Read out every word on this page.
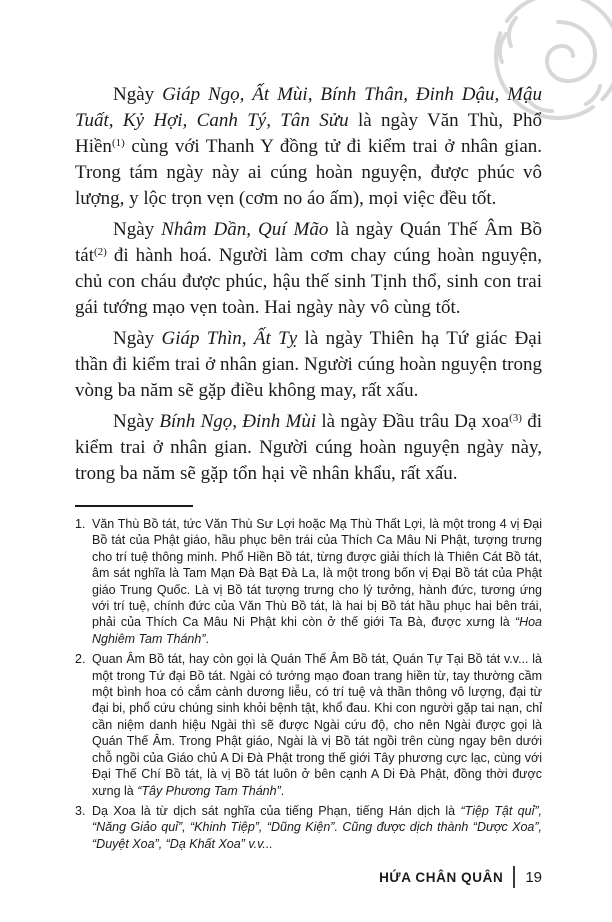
Ngày Giáp Ngọ, Ất Mùi, Bính Thân, Đinh Dậu, Mậu Tuất, Kỷ Hợi, Canh Tý, Tân Sửu là ngày Văn Thù, Phổ Hiền$^{(1)}$ cùng với Thanh Y đồng tử đi kiểm trai ở nhân gian. Trong tám ngày này ai cúng hoàn nguyện, được phúc vô lượng, y lộc trọn vẹn (cơm no áo ấm), mọi việc đều tốt.

Ngày Nhâm Dần, Quí Mão là ngày Quán Thế Âm Bồ tát$^{(2)}$ đi hành hoá. Người làm cơm chay cúng hoàn nguyện, chủ con cháu được phúc, hậu thế sinh Tịnh thổ, sinh con trai gái tướng mạo vẹn toàn. Hai ngày này vô cùng tốt.

Ngày Giáp Thìn, Ất Tỵ là ngày Thiên hạ Tứ giác Đại thần đi kiểm trai ở nhân gian. Người cúng hoàn nguyện trong vòng ba năm sẽ gặp điều không may, rất xấu.

Ngày Bính Ngọ, Đinh Mùi là ngày Đầu trâu Dạ xoa$^{(3)}$ đi kiểm trai ở nhân gian. Người cúng hoàn nguyện ngày này, trong ba năm sẽ gặp tổn hại về nhân khẩu, rất xấu.

1. Văn Thù Bồ tát, tức Văn Thù Sư Lợi hoặc Mạ Thù Thất Lợi, là một trong 4 vị Đại Bồ tát của Phật giáo, hầu phục bên trái của Thích Ca Mâu Ni Phật, tượng trưng cho trí tuệ thông minh. Phổ Hiền Bồ tát, từng được giải thích là Thiên Cát Bồ tát, âm sát nghĩa là Tam Mạn Đà Bạt Đà La, là một trong bốn vị Đại Bồ tát của Phật giáo Trung Quốc. Là vị Bồ tát tượng trưng cho lý tưởng, hành đức, tương ứng với trí tuệ, chính đức của Văn Thù Bồ tát, là hai bị Bồ tát hầu phục hai bên trái, phải của Thích Ca Mâu Ni Phật khi còn ở thế giới Ta Bà, được xưng là “Hoa Nghiêm Tam Thánh”.
2. Quan Âm Bồ tát, hay còn gọi là Quán Thế Âm Bồ tát, Quán Tự Tại Bồ tát v.v... là một trong Tứ đại Bồ tát. Ngài có tướng mạo đoan trang hiền từ, tay thường cầm một bình hoa có cắm cành dương liễu, có trí tuệ và thần thông vô lượng, đại từ đại bi, phổ cứu chúng sinh khỏi bệnh tật, khổ đau. Khi con người gặp tai nạn, chỉ cần niệm danh hiệu Ngài thì sẽ được Ngài cứu độ, cho nên Ngài được gọi là Quán Thế Âm. Trong Phật giáo, Ngài là vị Bồ tát ngồi trên cùng ngay bên dưới chỗ ngồi của Giáo chủ A Di Đà Phật trong thế giới Tây phương cực lạc, cùng với Đại Thế Chí Bồ tát, là vị Bồ tát luôn ở bên cạnh A Di Đà Phật, đồng thời được xưng là “Tây Phương Tam Thánh”.
3. Dạ Xoa là từ dịch sát nghĩa của tiếng Phạn, tiếng Hán dịch là “Tiệp Tật quỉ”, “Năng Giảo quỉ”, “Khinh Tiệp”, “Dũng Kiện”. Cũng được dịch thành “Dược Xoa”, “Duyệt Xoa”, “Dạ Khất Xoa” v.v...
HỨA CHÂN QUÂN 19
